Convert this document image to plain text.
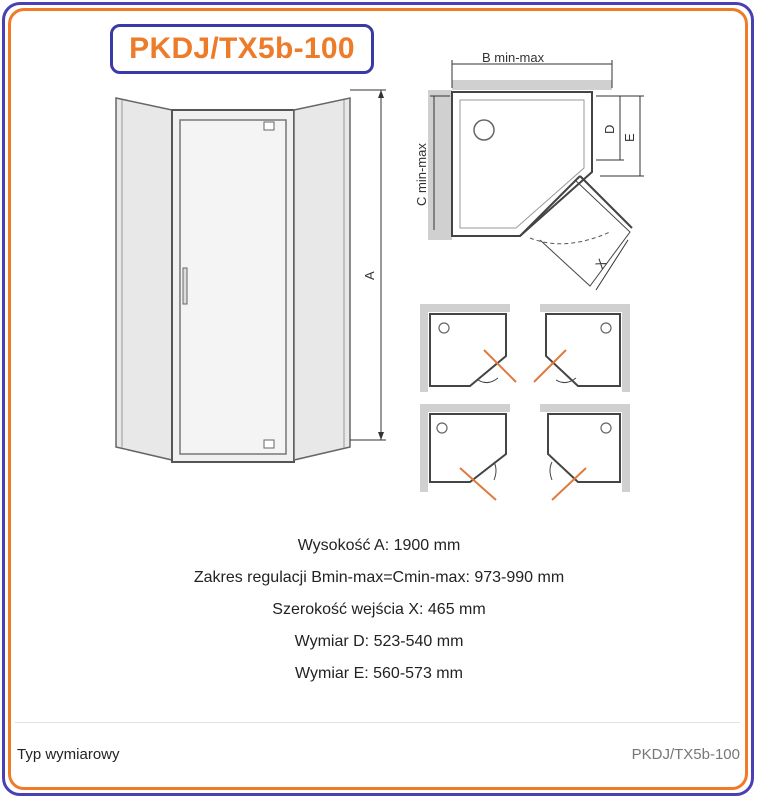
PKDJ/TX5b-100
A
B min-max
C min-max
D
E
X
Wysokość A: 1900 mm
Zakres regulacji Bmin-max=Cmin-max: 973-990 mm
Szerokość wejścia X: 465 mm
Wymiar D: 523-540 mm
Wymiar E: 560-573 mm
Typ wymiarowy	PKDJ/TX5b-100
